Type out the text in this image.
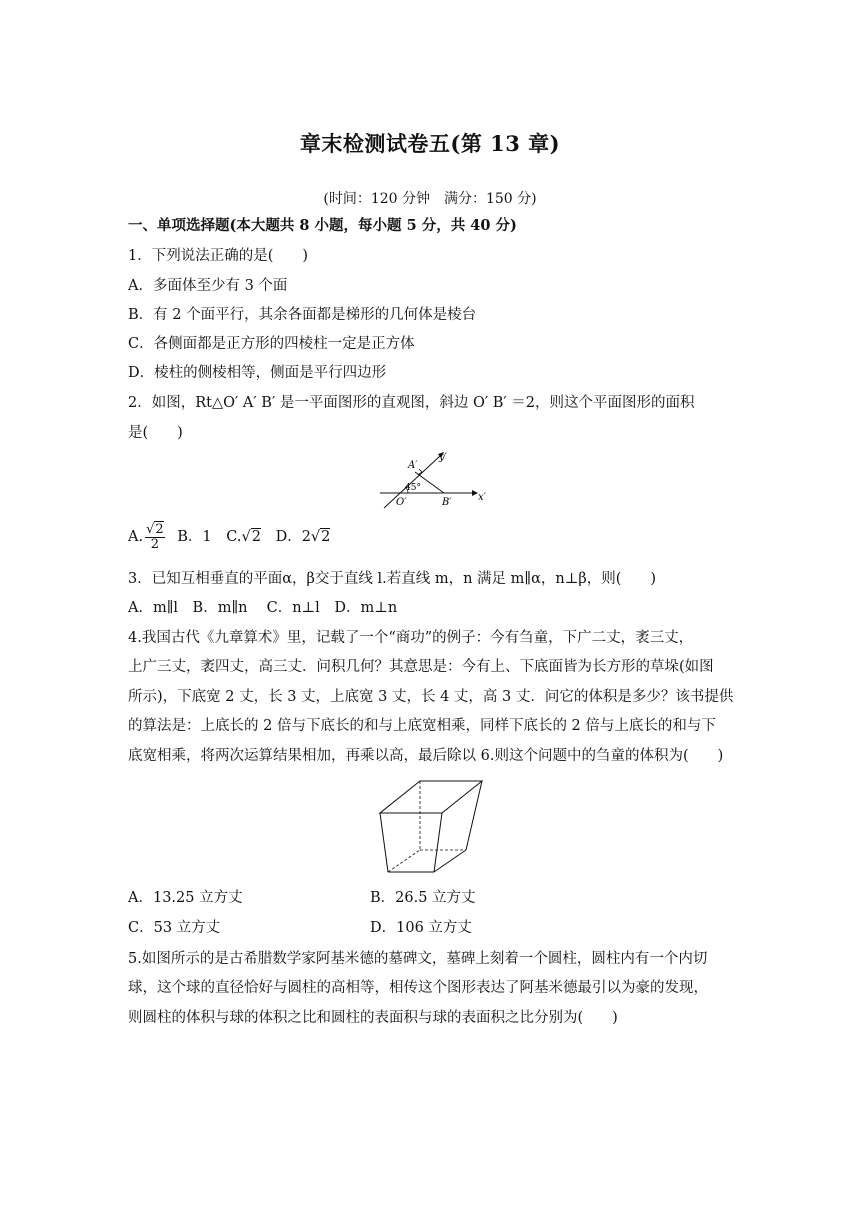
章末检测试卷五(第 13 章)
(时间：120 分钟　满分：150 分)
一、单项选择题(本大题共 8 小题，每小题 5 分，共 40 分)
1．下列说法正确的是(　　)
A．多面体至少有 3 个面
B．有 2 个面平行，其余各面都是梯形的几何体是棱台
C．各侧面都是正方形的四棱柱一定是正方体
D．棱柱的侧棱相等，侧面是平行四边形
2．如图，Rt△O′ A′ B′ 是一平面图形的直观图，斜边 O′ B′ ＝2，则这个平面图形的面积
是(　　)
A′
y′
45°
O′	B′	x′
A. $\frac{√2}{2}$ B．1 C.√2 D．2√2
3．已知互相垂直的平面α，β交于直线 l.若直线 m，n 满足 m∥α，n⊥β，则(　　)
A．m∥l　B．m∥n　 C．n⊥l　D．m⊥n
4.我国古代《九章算术》里，记载了一个“商功”的例子：今有刍童，下广二丈，袤三丈，
上广三丈，袤四丈，高三丈．问积几何？其意思是：今有上、下底面皆为长方形的草垛(如图
所示)，下底宽 2 丈，长 3 丈，上底宽 3 丈，长 4 丈，高 3 丈．问它的体积是多少？该书提供
的算法是：上底长的 2 倍与下底长的和与上底宽相乘，同样下底长的 2 倍与上底长的和与下
底宽相乘，将两次运算结果相加，再乘以高，最后除以 6.则这个问题中的刍童的体积为(　　)
A．13.25 立方丈	B．26.5 立方丈
C．53 立方丈	D．106 立方丈
5.如图所示的是古希腊数学家阿基米德的墓碑文，墓碑上刻着一个圆柱，圆柱内有一个内切
球，这个球的直径恰好与圆柱的高相等，相传这个图形表达了阿基米德最引以为豪的发现，
则圆柱的体积与球的体积之比和圆柱的表面积与球的表面积之比分别为(　　)
